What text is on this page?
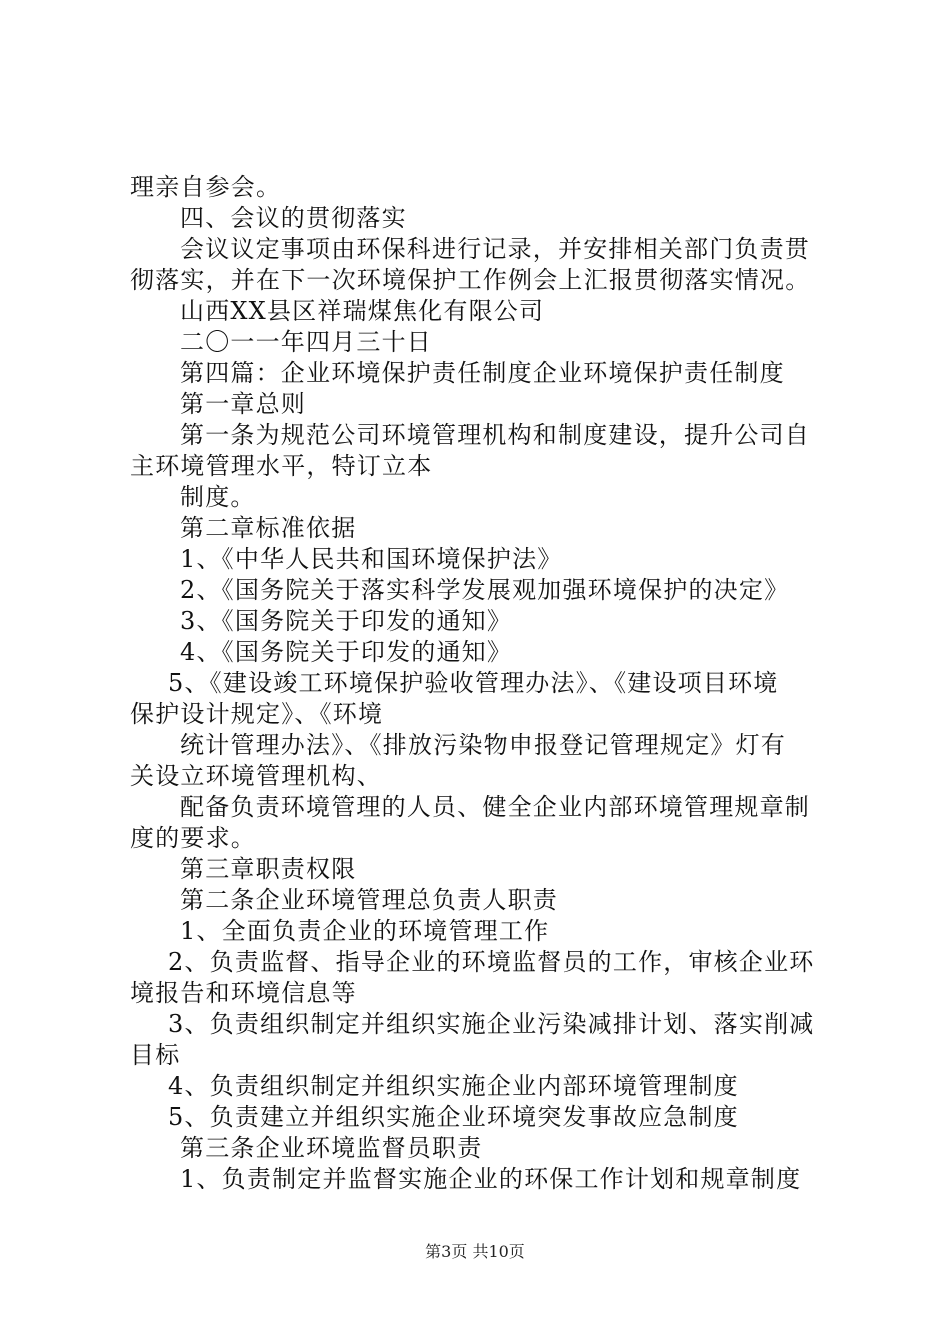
理亲自参会。
四、会议的贯彻落实
会议议定事项由环保科进行记录，并安排相关部门负责贯
彻落实，并在下一次环境保护工作例会上汇报贯彻落实情况。
山西XX县区祥瑞煤焦化有限公司
二〇一一年四月三十日
第四篇：企业环境保护责任制度企业环境保护责任制度
第一章总则
第一条为规范公司环境管理机构和制度建设，提升公司自
主环境管理水平，特订立本
制度。
第二章标准依据
1、《中华人民共和国环境保护法》
2、《国务院关于落实科学发展观加强环境保护的决定》
3、《国务院关于印发的通知》
4、《国务院关于印发的通知》
5、《建设竣工环境保护验收管理办法》、《建设项目环境
保护设计规定》、《环境
统计管理办法》、《排放污染物申报登记管理规定》灯有
关设立环境管理机构、
配备负责环境管理的人员、健全企业内部环境管理规章制
度的要求。
第三章职责权限
第二条企业环境管理总负责人职责
1、全面负责企业的环境管理工作
2、负责监督、指导企业的环境监督员的工作，审核企业环
境报告和环境信息等
3、负责组织制定并组织实施企业污染减排计划、落实削减
目标
4、负责组织制定并组织实施企业内部环境管理制度
5、负责建立并组织实施企业环境突发事故应急制度
第三条企业环境监督员职责
1、负责制定并监督实施企业的环保工作计划和规章制度
第3页 共10页
